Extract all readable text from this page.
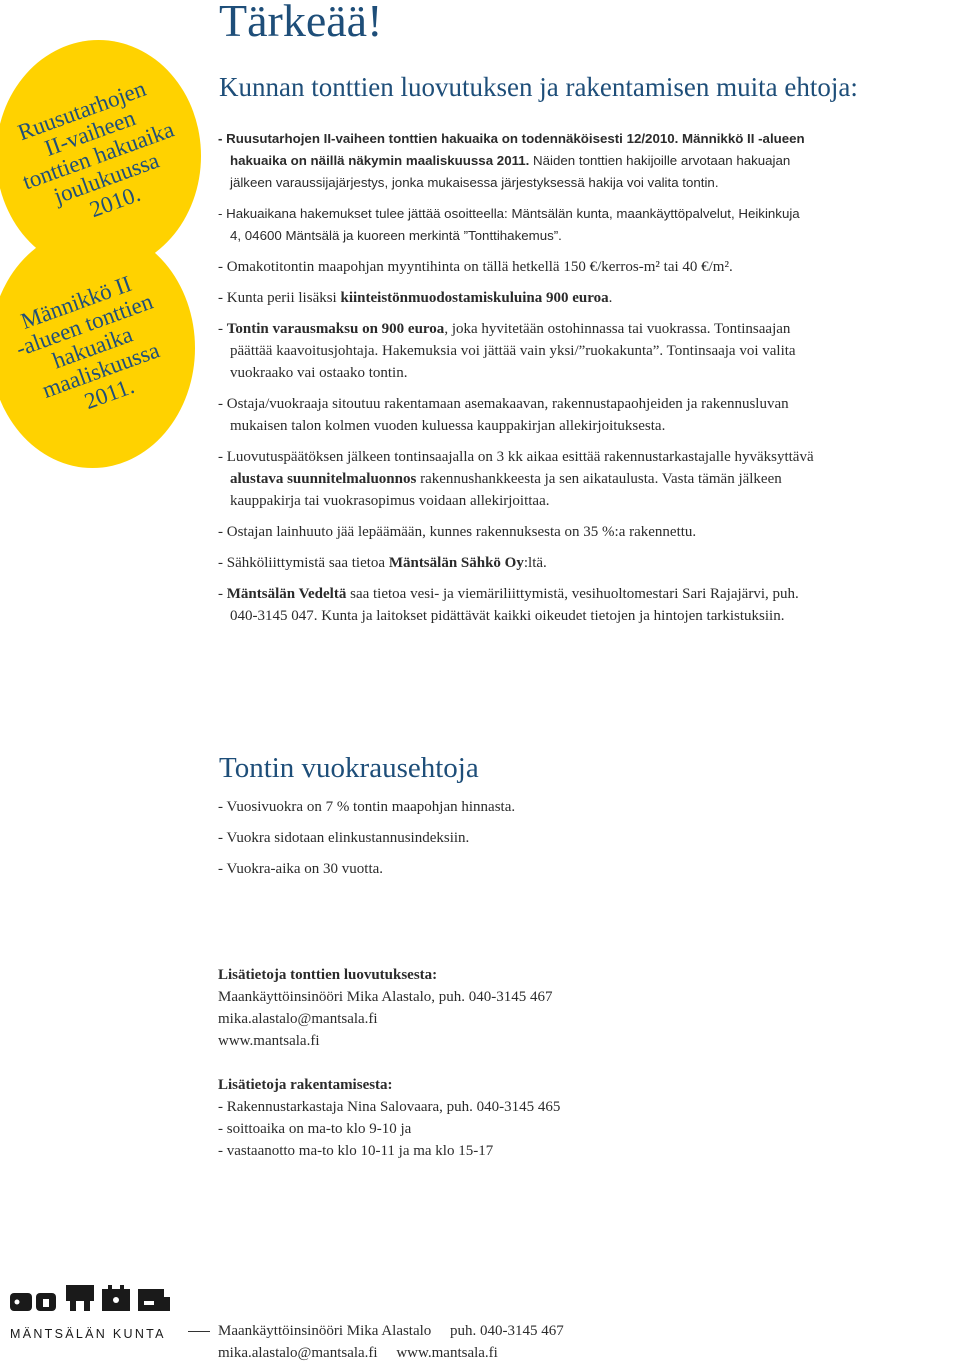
Ruusutarhojen
II-vaiheen
tonttien hakuaika
joulukuussa
2010.
Männikkö II
-alueen tonttien
hakuaika
maaliskuussa
2011.
Tärkeää!
Kunnan tonttien luovutuksen ja rakentamisen muita ehtoja:

- Ruusutarhojen II-vaiheen tonttien hakuaika on todennäköisesti 12/2010. Männikkö II -alueen hakuaika on näillä näkymin maaliskuussa 2011. Näiden tonttien hakijoille arvotaan hakuajan jälkeen varaussijajärjestys, jonka mukaisessa järjestyksessä hakija voi valita tontin.

- Hakuaikana hakemukset tulee jättää osoitteella: Mäntsälän kunta, maankäyttöpalvelut, Heikinkuja 4, 04600 Mäntsälä ja kuoreen merkintä ”Tonttihakemus”.

- Omakotitontin maapohjan myyntihinta on tällä hetkellä 150 €/kerros-m² tai 40 €/m².

- Kunta perii lisäksi kiinteistönmuodostamiskuluina 900 euroa.

- Tontin varausmaksu on 900 euroa, joka hyvitetään ostohinnassa tai vuokrassa. Tontinsaajan päättää kaavoitusjohtaja. Hakemuksia voi jättää vain yksi/”ruokakunta”. Tontinsaaja voi valita vuokraako vai ostaako tontin.

- Ostaja/vuokraaja sitoutuu rakentamaan asemakaavan, rakennustapaohjeiden ja rakennusluvan mukaisen talon kolmen vuoden kuluessa kauppakirjan allekirjoituksesta.

- Luovutuspäätöksen jälkeen tontinsaajalla on 3 kk aikaa esittää rakennustarkastajalle hyväksyttävä alustava suunnitelmaluonnos rakennushankkeesta ja sen aikataulusta. Vasta tämän jälkeen kauppakirja tai vuokrasopimus voidaan allekirjoittaa.

- Ostajan lainhuuto jää lepäämään, kunnes rakennuksesta on 35 %:a rakennettu.

- Sähköliittymistä saa tietoa Mäntsälän Sähkö Oy:ltä.

- Mäntsälän Vedeltä saa tietoa vesi- ja viemäriliittymistä, vesihuoltomestari Sari Rajajärvi, puh. 040-3145 047. Kunta ja laitokset pidättävät kaikki oikeudet tietojen ja hintojen tarkistuksiin.

Tontin vuokrausehtoja

- Vuosivuokra on 7 % tontin maapohjan hinnasta.

- Vuokra sidotaan elinkustannusindeksiin.

- Vuokra-aika on 30 vuotta.

Lisätietoja tonttien luovutuksesta:

Maankäyttöinsinööri Mika Alastalo, puh. 040-3145 467

mika.alastalo@mantsala.fi

www.mantsala.fi

Lisätietoja rakentamisesta:

- Rakennustarkastaja Nina Salovaara, puh. 040-3145 465

- soittoaika on ma-to klo 9-10 ja

- vastaanotto ma-to klo 10-11 ja ma klo 15-17

MÄNTSÄLÄN KUNTA	Maankäyttöinsinööri Mika Alastalo     puh. 040-3145 467
mika.alastalo@mantsala.fi     www.mantsala.fi
